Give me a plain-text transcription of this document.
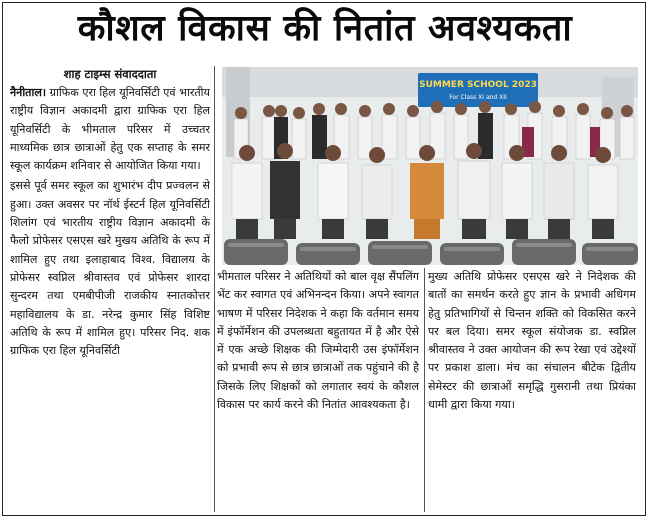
कौशल विकास की नितांत अवश्यकता
शाह टाइम्स संवाददाता

नैनीताल। ग्राफिक एरा हिल यूनिवर्सिटी एवं भारतीय राष्ट्रीय विज्ञान अकादमी द्वारा ग्राफिक एरा हिल यूनिवर्सिटी के भीमताल परिसर में उच्चतर माध्यमिक छात्र छात्राओं हेतु एक सप्ताह के समर स्कूल कार्यक्रम शनिवार से आयोजित किया गया।

इससे पूर्व समर स्कूल का शुभारंभ दीप प्रज्वलन से हुआ। उक्त अवसर पर नॉर्थ ईस्टर्न हिल यूनिवर्सिटी शिलांग एवं भारतीय राष्ट्रीय विज्ञान अकादमी के फैलो प्रोफेसर एसएस खरे मुखय अतिथि के रूप में शामिल हुए तथा इलाहाबाद विश्व. विद्यालय के प्रोफेसर स्वप्निल श्रीवास्तव एवं प्रोफेसर शारदा सुन्दरम तथा एमबीपीजी राजकीय स्नातकोत्तर महाविद्यालय के डा. नरेन्द्र कुमार सिंह विशिष्ट अतिथि के रूप में शामिल हुए। परिसर निद. शक ग्राफिक एरा हिल यूनिवर्सिटी

SUMMER SCHOOL 2023
For Class XI and XII

भीमताल परिसर ने अतिथियों को बाल वृक्ष सैंपलिंग भेंट कर स्वागत एवं अभिनन्दन किया। अपने स्वागत भाषण में परिसर निदेशक ने कहा कि वर्तमान समय में इंफॉर्मेशन की उपलब्धता बहुतायत में है और ऐसे में एक अच्छे शिक्षक की जिम्मेदारी उस इंफॉर्मेशन को प्रभावी रूप से छात्र छात्राओं तक पहुंचाने की है जिसके लिए शिक्षकों को लगातार स्वयं के कौशल विकास पर कार्य करने की नितांत आवश्यकता है।

मुख्य अतिथि प्रोफेसर एसएस खरे ने निदेशक की बातों का समर्थन करते हुए ज्ञान के प्रभावी अधिगम हेतु प्रतिभागियों से चिन्तन शक्ति को विकसित करने पर बल दिया। समर स्कूल संयोजक डा. स्वप्निल श्रीवास्तव ने उक्त आयोजन की रूप रेखा एवं उद्देश्यों पर प्रकाश डाला। मंच का संचालन बीटेक द्वितीय सेमेस्टर की छात्राओं समृद्धि गुसरानी तथा प्रियंका धामी द्वारा किया गया।
